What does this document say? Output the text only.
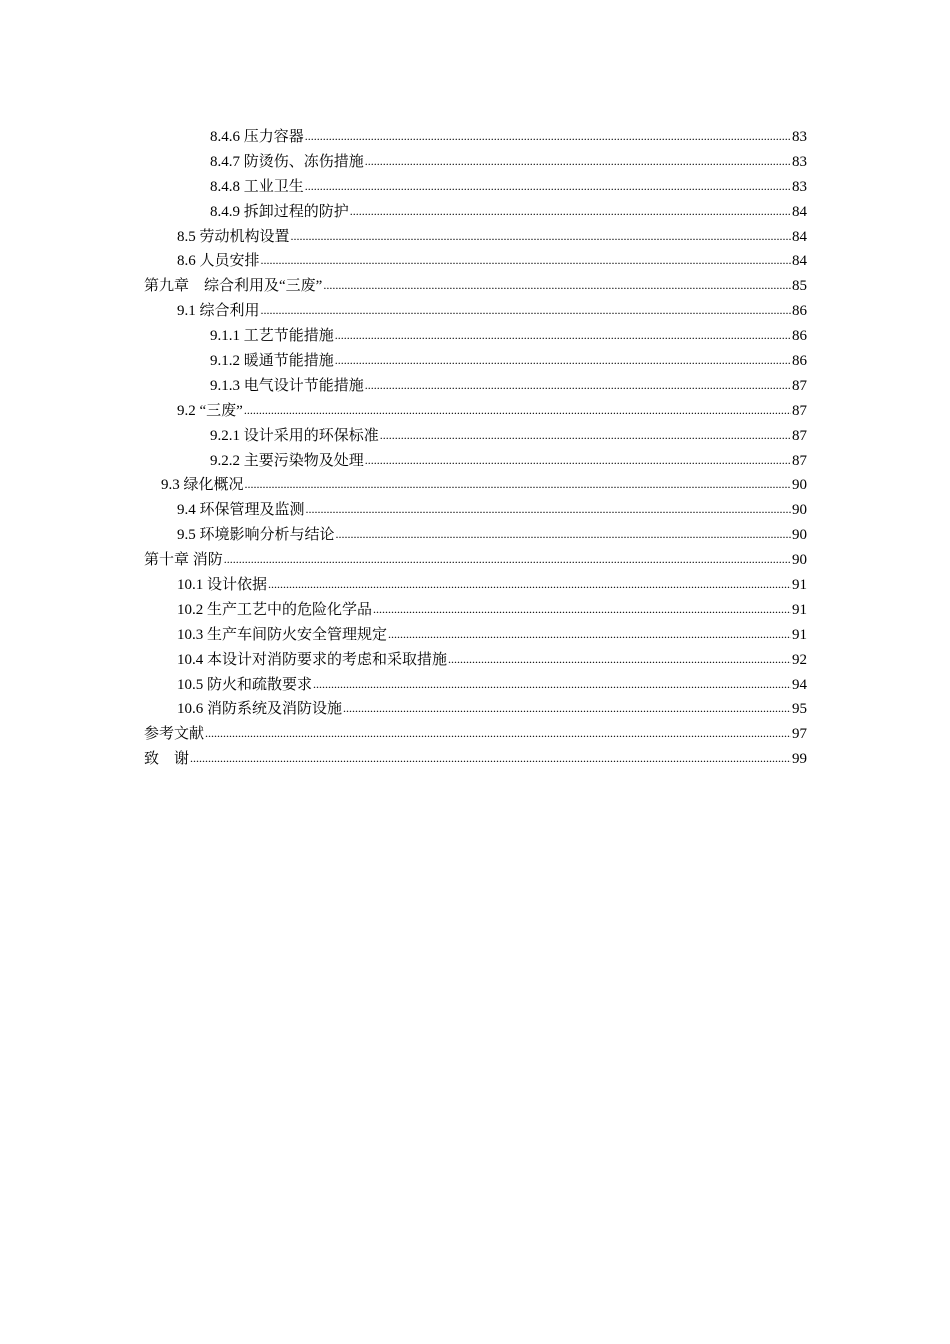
8.4.6 压力容器 .....	83
8.4.7 防烫伤、冻伤措施 .....	83
8.4.8 工业卫生 .....	83
8.4.9 拆卸过程的防护 .....	84
8.5 劳动机构设置 .....	84
8.6 人员安排 .....	84
第九章　综合利用及“三废” .....	85
9.1 综合利用 .....	86
9.1.1 工艺节能措施 .....	86
9.1.2 暖通节能措施 .....	86
9.1.3 电气设计节能措施 .....	87
9.2 “三废” .....	87
9.2.1 设计采用的环保标准 .....	87
9.2.2 主要污染物及处理 .....	87
9.3 绿化概况 .....	90
9.4 环保管理及监测 .....	90
9.5 环境影响分析与结论 .....	90
第十章 消防 .....	90
10.1 设计依据 .....	91
10.2 生产工艺中的危险化学品 .....	91
10.3 生产车间防火安全管理规定 .....	91
10.4 本设计对消防要求的考虑和采取措施 .....	92
10.5 防火和疏散要求 .....	94
10.6 消防系统及消防设施 .....	95
参考文献 .....	97
致　谢 .....	99
